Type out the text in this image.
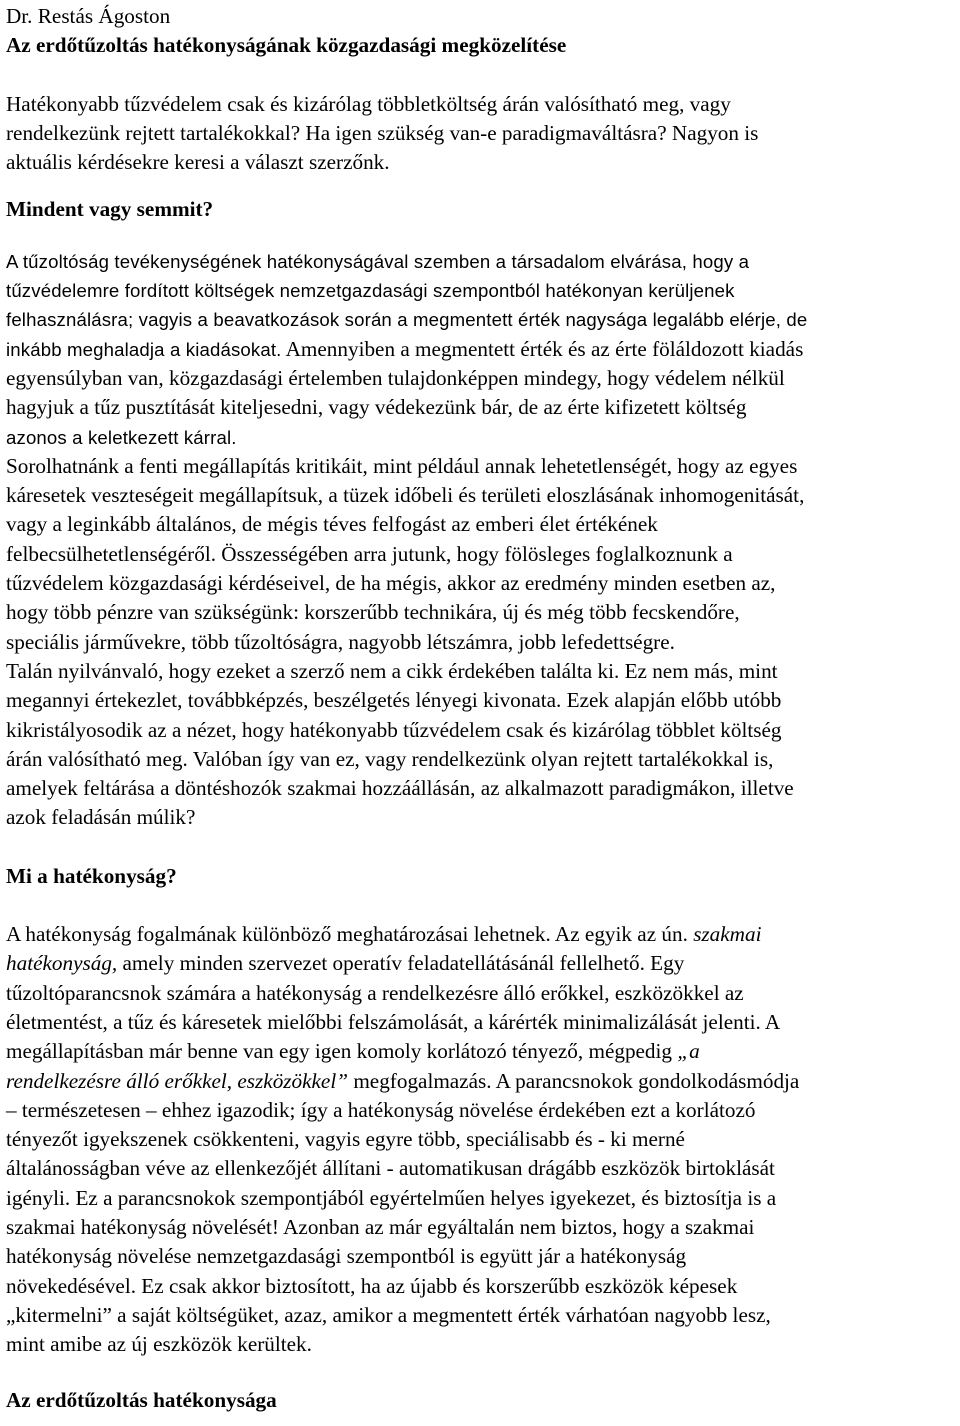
Dr. Restás Ágoston
Az erdőtűzoltás hatékonyságának közgazdasági megközelítése
Hatékonyabb tűzvédelem csak és kizárólag többletköltség árán valósítható meg, vagy
rendelkezünk rejtett tartalékokkal? Ha igen szükség van-e paradigmaváltásra? Nagyon is
aktuális kérdésekre keresi a választ szerzőnk.
Mindent vagy semmit?
A tűzoltóság tevékenységének hatékonyságával szemben a társadalom elvárása, hogy a
tűzvédelemre fordított költségek nemzetgazdasági szempontból hatékonyan kerüljenek
felhasználásra; vagyis a beavatkozások során a megmentett érték nagysága legalább elérje, de
inkább meghaladja a kiadásokat. Amennyiben a megmentett érték és az érte föláldozott kiadás
egyensúlyban van, közgazdasági értelemben tulajdonképpen mindegy, hogy védelem nélkül
hagyjuk a tűz pusztítását kiteljesedni, vagy védekezünk bár, de az érte kifizetett költség
azonos a keletkezett kárral.
Sorolhatnánk a fenti megállapítás kritikáit, mint például annak lehetetlenségét, hogy az egyes
káresetek veszteségeit megállapítsuk, a tüzek időbeli és területi eloszlásának inhomogenitását,
vagy a leginkább általános, de mégis téves felfogást az emberi élet értékének
felbecsülhetetlenségéről. Összességében arra jutunk, hogy fölösleges foglalkoznunk a
tűzvédelem közgazdasági kérdéseivel, de ha mégis, akkor az eredmény minden esetben az,
hogy több pénzre van szükségünk: korszerűbb technikára, új és még több fecskendőre,
speciális járművekre, több tűzoltóságra, nagyobb létszámra, jobb lefedettségre.
Talán nyilvánvaló, hogy ezeket a szerző nem a cikk érdekében találta ki. Ez nem más, mint
megannyi értekezlet, továbbképzés, beszélgetés lényegi kivonata. Ezek alapján előbb utóbb
kikristályosodik az a nézet, hogy hatékonyabb tűzvédelem csak és kizárólag többlet költség
árán valósítható meg. Valóban így van ez, vagy rendelkezünk olyan rejtett tartalékokkal is,
amelyek feltárása a döntéshozók szakmai hozzáállásán, az alkalmazott paradigmákon, illetve
azok feladásán múlik?
Mi a hatékonyság?
A hatékonyság fogalmának különböző meghatározásai lehetnek. Az egyik az ún. szakmai
hatékonyság, amely minden szervezet operatív feladatellátásánál fellelhető. Egy
tűzoltóparancsnok számára a hatékonyság a rendelkezésre álló erőkkel, eszközökkel az
életmentést, a tűz és káresetek mielőbbi felszámolását, a kárérték minimalizálását jelenti. A
megállapításban már benne van egy igen komoly korlátozó tényező, mégpedig „a
rendelkezésre álló erőkkel, eszközökkel” megfogalmazás. A parancsnokok gondolkodásmódja
– természetesen – ehhez igazodik; így a hatékonyság növelése érdekében ezt a korlátozó
tényezőt igyekszenek csökkenteni, vagyis egyre több, speciálisabb és - ki merné
általánosságban véve az ellenkezőjét állítani - automatikusan drágább eszközök birtoklását
igényli. Ez a parancsnokok szempontjából egyértelműen helyes igyekezet, és biztosítja is a
szakmai hatékonyság növelését! Azonban az már egyáltalán nem biztos, hogy a szakmai
hatékonyság növelése nemzetgazdasági szempontból is együtt jár a hatékonyság
növekedésével. Ez csak akkor biztosított, ha az újabb és korszerűbb eszközök képesek
„kitermelni” a saját költségüket, azaz, amikor a megmentett érték várhatóan nagyobb lesz,
mint amibe az új eszközök kerültek.
Az erdőtűzoltás hatékonysága
